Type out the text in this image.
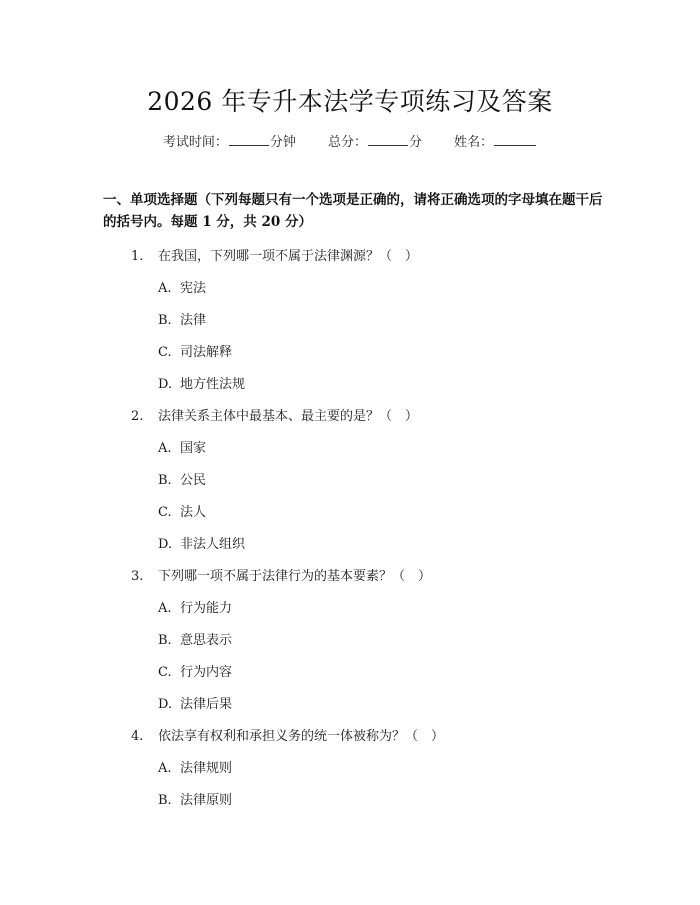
2026 年专升本法学专项练习及答案
考试时间：	分钟 总分：	分 姓名：
一、单项选择题（下列每题只有一个选项是正确的，请将正确选项的字母填在题干后的括号内。每题 1 分，共 20 分）
1. 在我国，下列哪一项不属于法律渊源？（　）
A. 宪法
B. 法律
C. 司法解释
D. 地方性法规
2. 法律关系主体中最基本、最主要的是？（　）
A. 国家
B. 公民
C. 法人
D. 非法人组织
3. 下列哪一项不属于法律行为的基本要素？（　）
A. 行为能力
B. 意思表示
C. 行为内容
D. 法律后果
4. 依法享有权利和承担义务的统一体被称为？（　）
A. 法律规则
B. 法律原则
